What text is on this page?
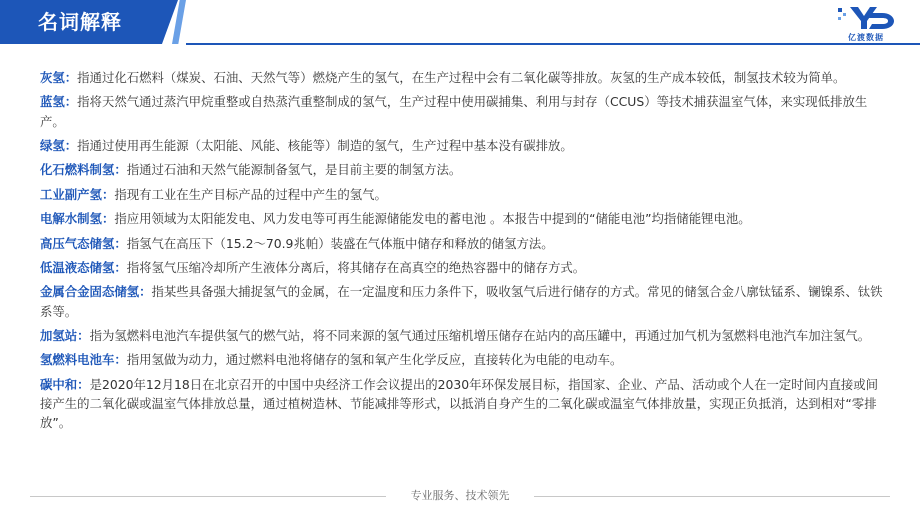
名词解释
亿渡数据
灰氢：指通过化石燃料（煤炭、石油、天然气等）燃烧产生的氢气，在生产过程中会有二氧化碳等排放。灰氢的生产成本较低，制氢技术较为简单。
蓝氢：指将天然气通过蒸汽甲烷重整或自热蒸汽重整制成的氢气，生产过程中使用碳捕集、利用与封存（CCUS）等技术捕获温室气体，来实现低排放生产。
绿氢：指通过使用再生能源（太阳能、风能、核能等）制造的氢气，生产过程中基本没有碳排放。
化石燃料制氢：指通过石油和天然气能源制备氢气，是目前主要的制氢方法。
工业副产氢：指现有工业在生产目标产品的过程中产生的氢气。
电解水制氢：指应用领域为太阳能发电、风力发电等可再生能源储能发电的蓄电池 。本报告中提到的“储能电池”均指储能锂电池。
高压气态储氢：指氢气在高压下（15.2～70.9兆帕）装盛在气体瓶中储存和释放的储氢方法。
低温液态储氢：指将氢气压缩冷却所产生液体分离后，将其储存在高真空的绝热容器中的储存方式。
金属合金固态储氢：指某些具备强大捕捉氢气的金属，在一定温度和压力条件下，吸收氢气后进行储存的方式。常见的储氢合金八廓钛锰系、镧镍系、钛铁系等。
加氢站：指为氢燃料电池汽车提供氢气的燃气站，将不同来源的氢气通过压缩机增压储存在站内的高压罐中，再通过加气机为氢燃料电池汽车加注氢气。
氢燃料电池车：指用氢做为动力，通过燃料电池将储存的氢和氧产生化学反应，直接转化为电能的电动车。
碳中和：是2020年12月18日在北京召开的中国中央经济工作会议提出的2030年环保发展目标，指国家、企业、产品、活动或个人在一定时间内直接或间接产生的二氧化碳或温室气体排放总量，通过植树造林、节能减排等形式，以抵消自身产生的二氧化碳或温室气体排放量，实现正负抵消，达到相对“零排放”。
专业服务、技术领先
